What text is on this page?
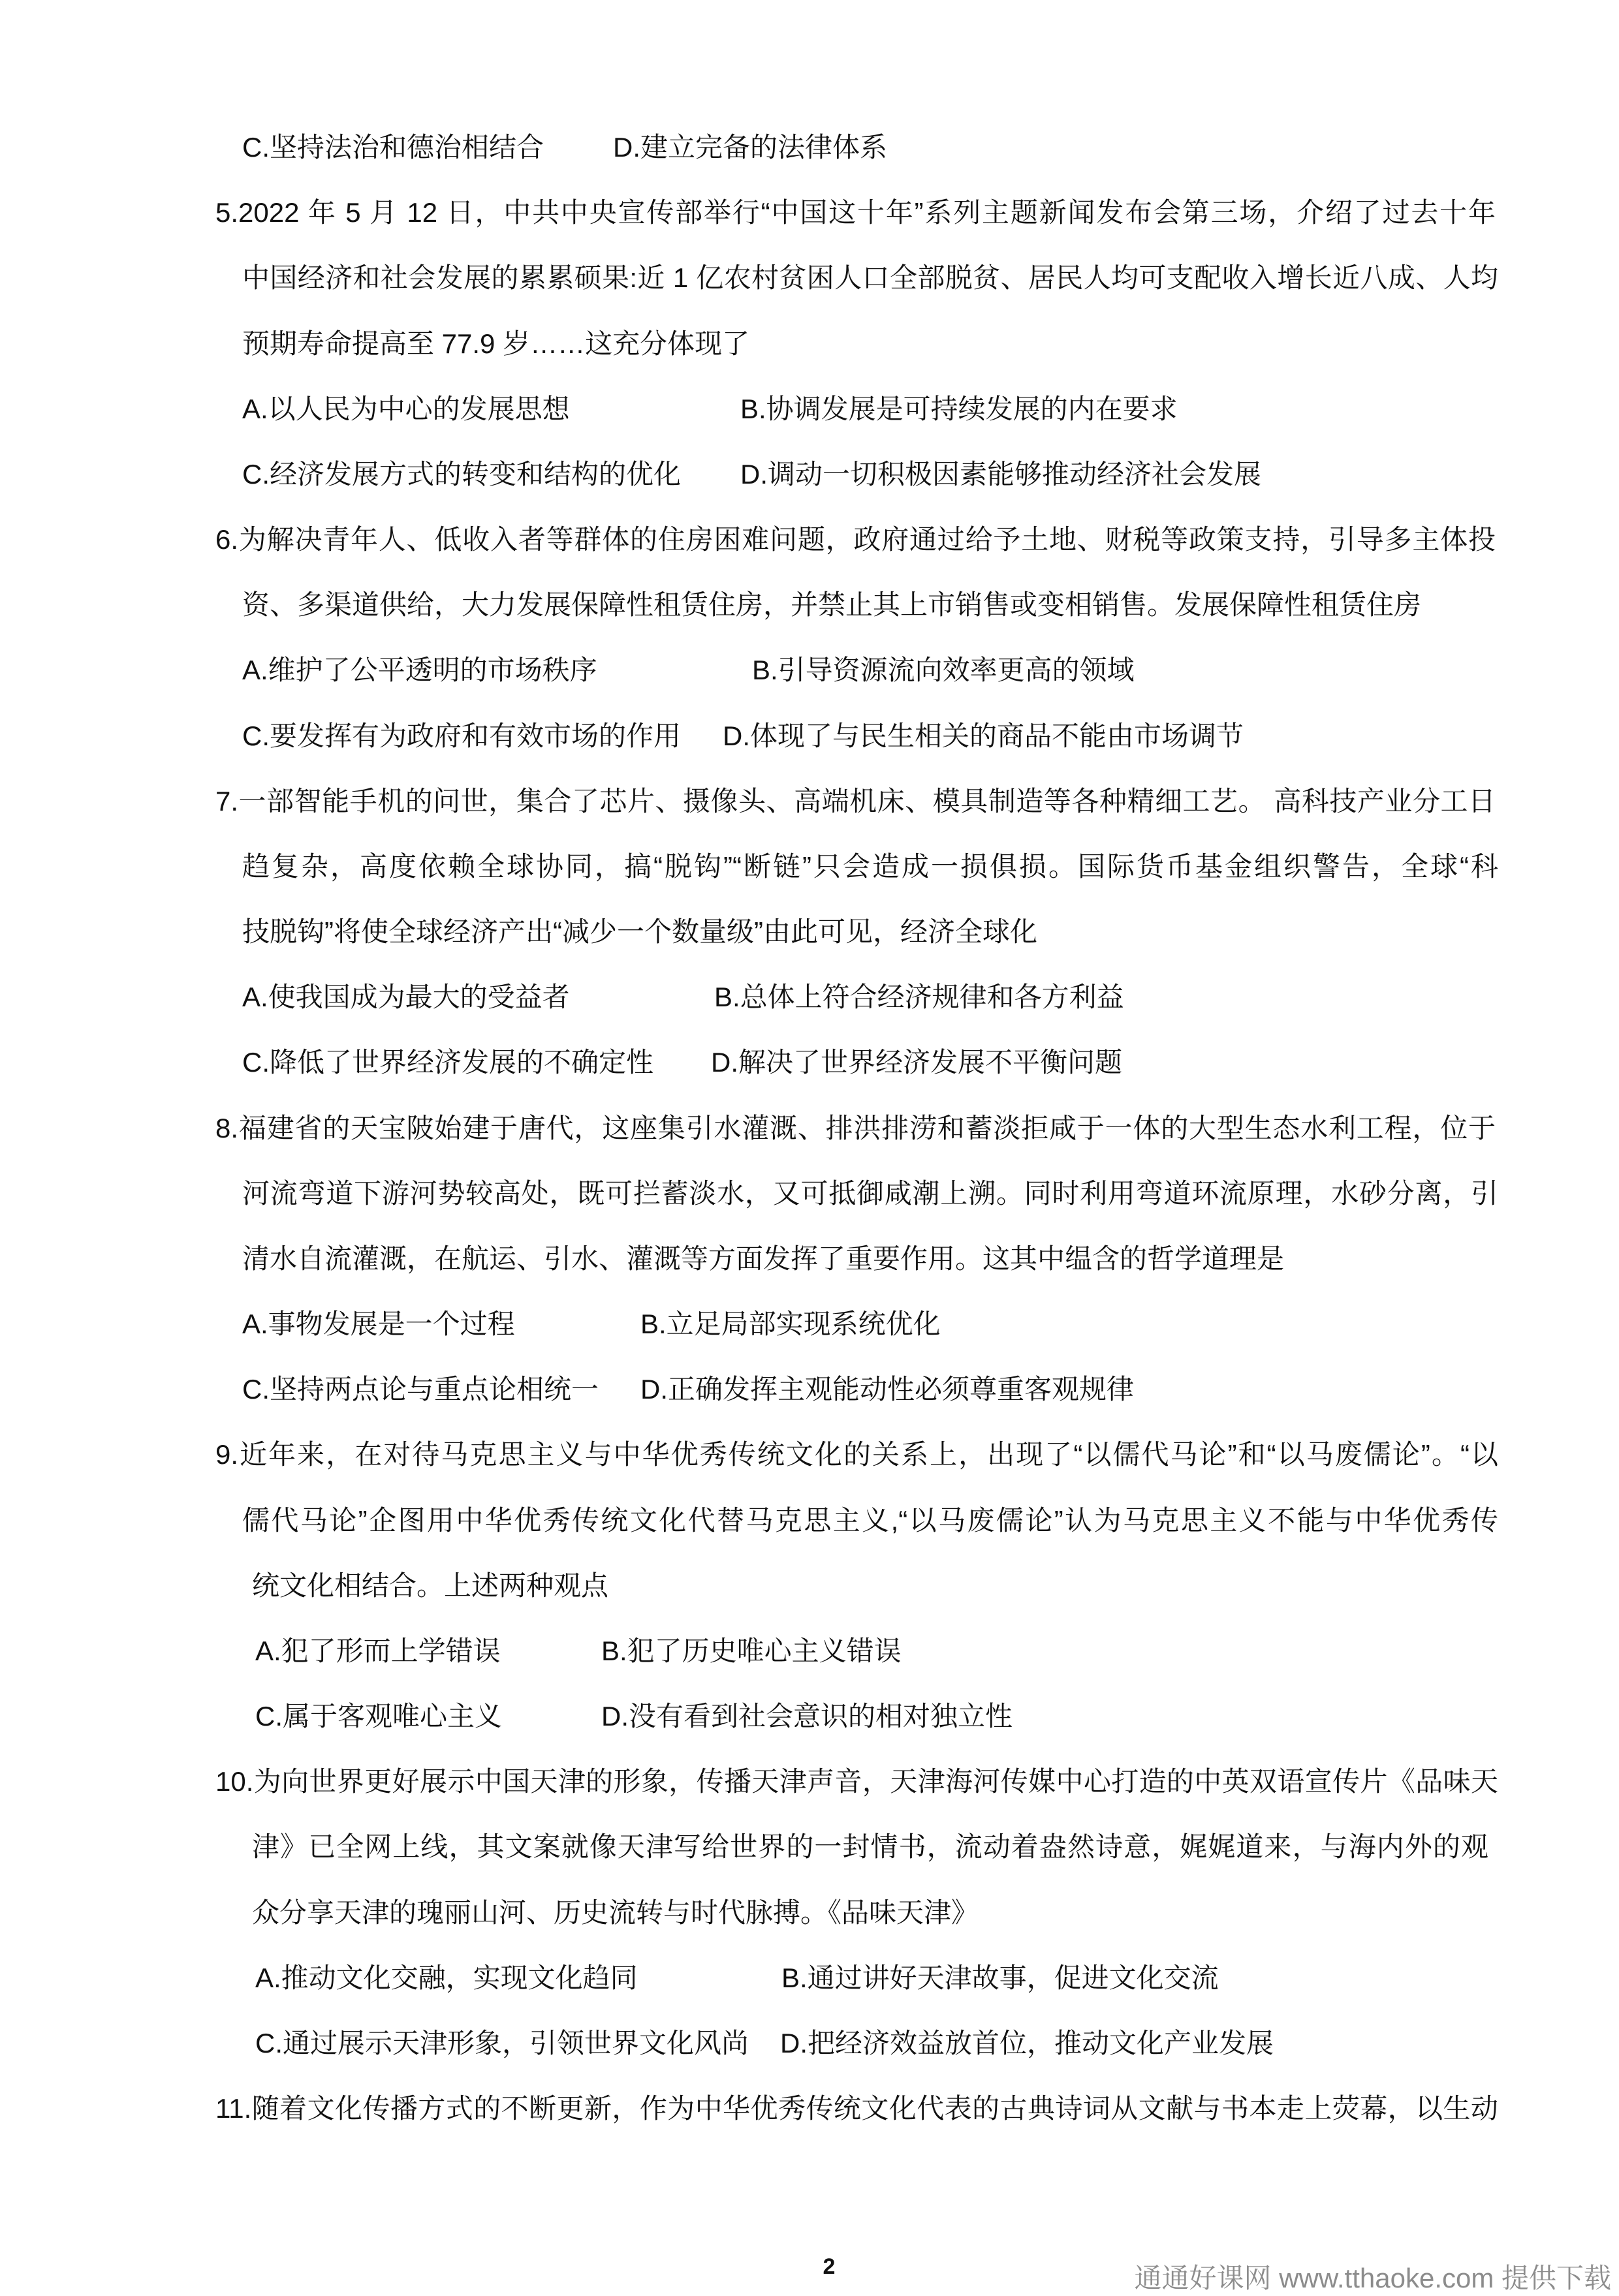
C.坚持法治和德治相结合	D.建立完备的法律体系
5.2022 年 5 月 12 日，中共中央宣传部举行“中国这十年”系列主题新闻发布会第三场，介绍了过去十年
中国经济和社会发展的累累硕果:近 1 亿农村贫困人口全部脱贫、居民人均可支配收入增长近八成、人均
预期寿命提高至 77.9 岁……这充分体现了
A.以人民为中心的发展思想	B.协调发展是可持续发展的内在要求
C.经济发展方式的转变和结构的优化 D.调动一切积极因素能够推动经济社会发展
6.为解决青年人、低收入者等群体的住房困难问题，政府通过给予土地、财税等政策支持，引导多主体投
资、多渠道供给，大力发展保障性租赁住房，并禁止其上市销售或变相销售。发展保障性租赁住房
A.维护了公平透明的市场秩序	B.引导资源流向效率更高的领域
C.要发挥有为政府和有效市场的作用 D.体现了与民生相关的商品不能由市场调节
7.一部智能手机的问世，集合了芯片、摄像头、高端机床、模具制造等各种精细工艺。 高科技产业分工日
趋复杂，高度依赖全球协同，搞“脱钩”“断链”只会造成一损俱损。国际货币基金组织警告，全球“科
技脱钩”将使全球经济产出“减少一个数量级”由此可见，经济全球化
A.使我国成为最大的受益者	B.总体上符合经济规律和各方利益
C.降低了世界经济发展的不确定性 D.解决了世界经济发展不平衡问题
8.福建省的天宝陂始建于唐代，这座集引水灌溉、排洪排涝和蓄淡拒咸于一体的大型生态水利工程，位于
河流弯道下游河势较高处，既可拦蓄淡水，又可抵御咸潮上溯。同时利用弯道环流原理，水砂分离，引
清水自流灌溉，在航运、引水、灌溉等方面发挥了重要作用。这其中缊含的哲学道理是
A.事物发展是一个过程	B.立足局部实现系统优化
C.坚持两点论与重点论相统一 D.正确发挥主观能动性必须尊重客观规律
9.近年来，在对待马克思主义与中华优秀传统文化的关系上，出现了“以儒代马论”和“以马废儒论”。“以
儒代马论”企图用中华优秀传统文化代替马克思主义,“以马废儒论”认为马克思主义不能与中华优秀传
统文化相结合。上述两种观点
A.犯了形而上学错误	B.犯了历史唯心主义错误
C.属于客观唯心主义	D.没有看到社会意识的相对独立性
10.为向世界更好展示中国天津的形象，传播天津声音，天津海河传媒中心打造的中英双语宣传片《品味天
津》已全网上线，其文案就像天津写给世界的一封情书，流动着盎然诗意，娓娓道来，与海内外的观
众分享天津的瑰丽山河、历史流转与时代脉搏。《品味天津》
A.推动文化交融，实现文化趋同	B.通过讲好天津故事，促进文化交流
C.通过展示天津形象，引领世界文化风尚 D.把经济效益放首位，推动文化产业发展
11.随着文化传播方式的不断更新，作为中华优秀传统文化代表的古典诗词从文献与书本走上荧幕，以生动
2	通通好课网 www.tthaoke.com 提供下载
